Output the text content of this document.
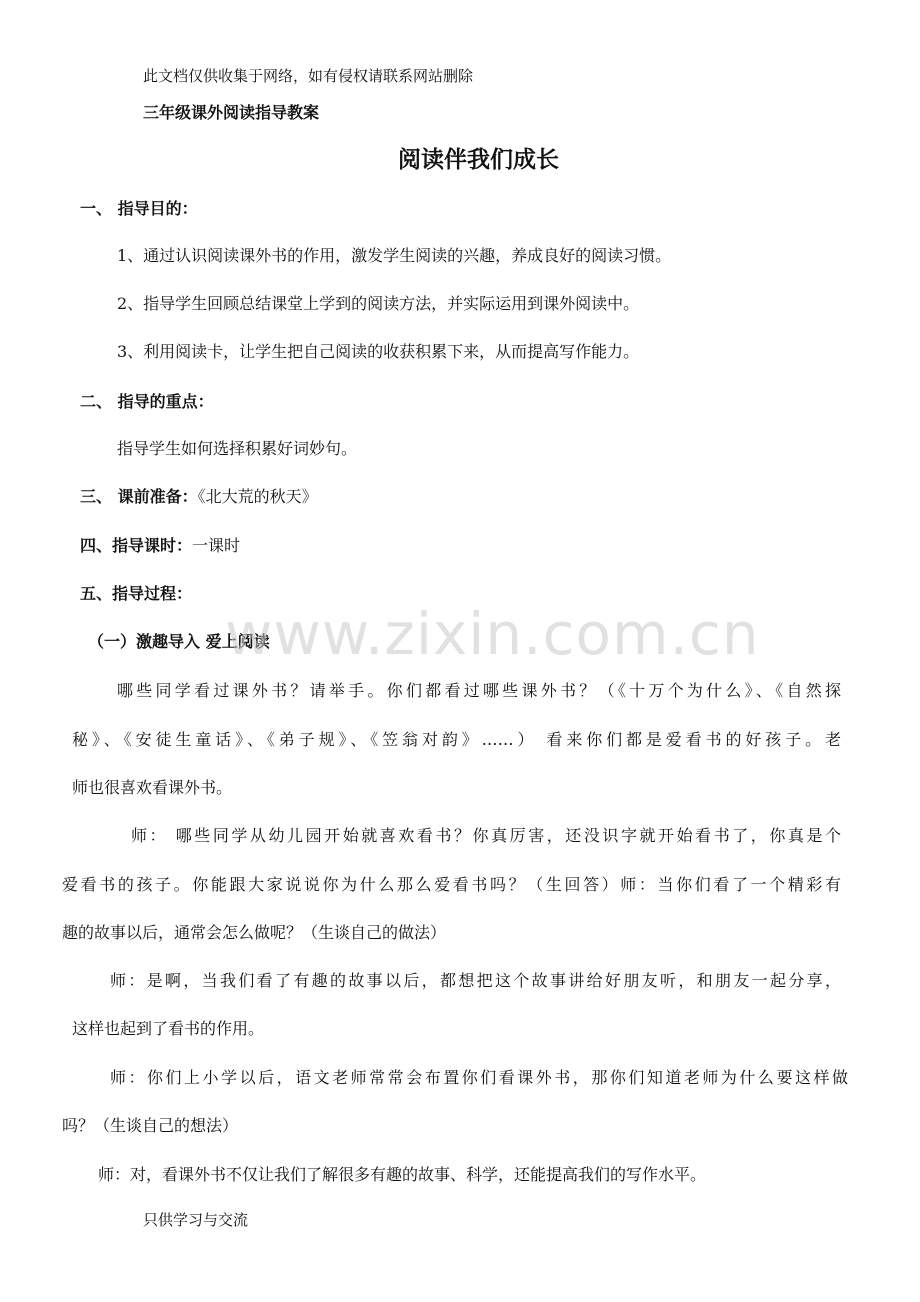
此文档仅供收集于网络，如有侵权请联系网站删除
三年级课外阅读指导教案
阅读伴我们成长
一、 指导目的：
1、通过认识阅读课外书的作用，激发学生阅读的兴趣，养成良好的阅读习惯。
2、指导学生回顾总结课堂上学到的阅读方法，并实际运用到课外阅读中。
3、利用阅读卡，让学生把自己阅读的收获积累下来，从而提高写作能力。
二、 指导的重点：
指导学生如何选择积累好词妙句。
三、 课前准备：《北大荒的秋天》
四、指导课时：一课时
五、指导过程：
（一）激趣导入 爱上阅读
哪些同学看过课外书？请举手。你们都看过哪些课外书？（《十万个为什么》、《自然探
秘》、《安徒生童话》、《弟子规》、《笠翁对韵》……） 看来你们都是爱看书的好孩子。老
师也很喜欢看课外书。
师： 哪些同学从幼儿园开始就喜欢看书？你真厉害，还没识字就开始看书了，你真是个
爱看书的孩子。你能跟大家说说你为什么那么爱看书吗？（生回答）师：当你们看了一个精彩有
趣的故事以后，通常会怎么做呢？（生谈自己的做法）
师：是啊，当我们看了有趣的故事以后，都想把这个故事讲给好朋友听，和朋友一起分享，
这样也起到了看书的作用。
师：你们上小学以后，语文老师常常会布置你们看课外书，那你们知道老师为什么要这样做
吗？（生谈自己的想法）
师：对，看课外书不仅让我们了解很多有趣的故事、科学，还能提高我们的写作水平。
www.zixin.com.cn
只供学习与交流
